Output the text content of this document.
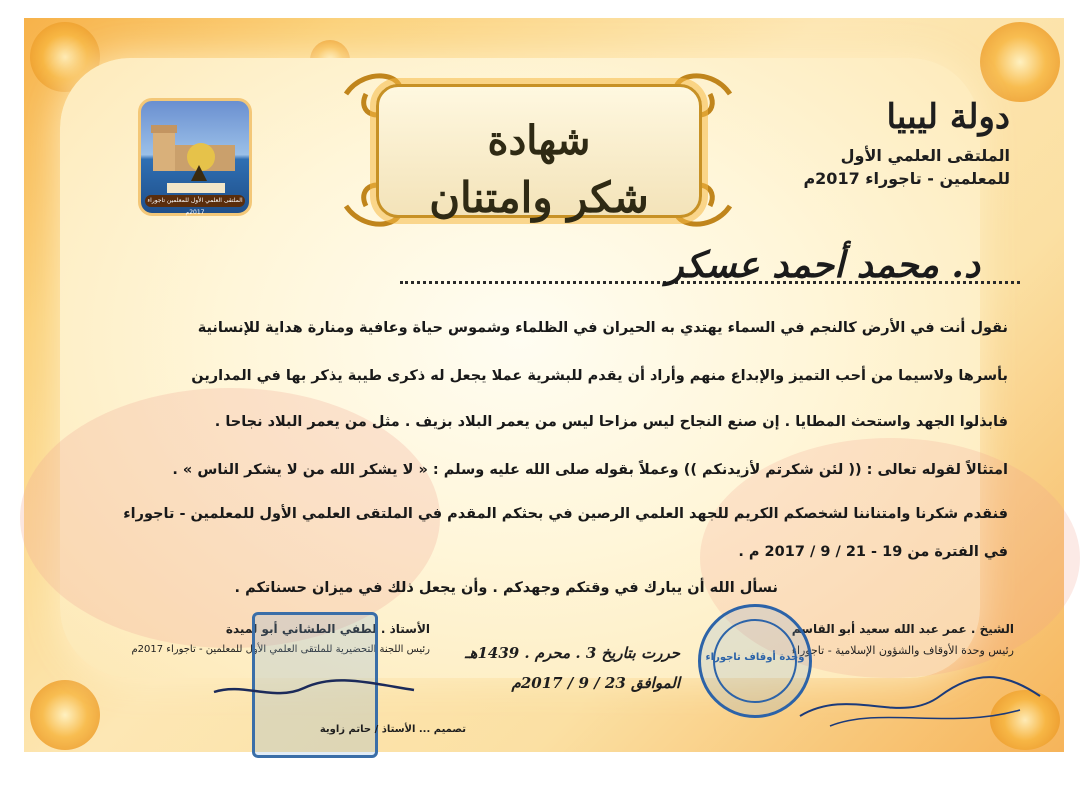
شهادة
شكر وامتنان
الملتقى العلمي الأول للمعلمين تاجوراء 2017م
دولة ليبيا
الملتقى العلمي الأول
للمعلمين - تاجوراء 2017م
د. محمد أحمد عسكر
نقول أنت في الأرض كالنجم في السماء يهتدي به الحيران في الظلماء وشموس حياة وعافية ومنارة هداية للإنسانية
بأسرها ولاسيما من أحب التميز والإبداع منهم وأراد أن يقدم للبشرية عملا يجعل له ذكرى طيبة يذكر بها في المدارين
فابذلوا الجهد واستحث المطايا . إن صنع النجاح ليس مزاحا ليس من يعمر البلاد بزيف . مثل من يعمر البلاد نجاحا .
امتثالاً لقوله تعالى : (( لئن شكرتم لأزيدنكم )) وعملاً بقوله صلى الله عليه وسلم : « لا يشكر الله من لا يشكر الناس » .
فنقدم شكرنا وامتناننا لشخصكم الكريم للجهد العلمي الرصين في بحثكم المقدم في الملتقى العلمي الأول للمعلمين - تاجوراء
في الفترة من 19 - 21 / 9 / 2017 م .
نسأل الله أن يبارك في وقتكم وجهدكم . وأن يجعل ذلك في ميزان حسناتكم .
الشيخ . عمر عبد الله سعيد أبو القاسم
رئيس وحدة الأوقاف والشؤون الإسلامية - تاجوراء
وحدة أوقاف تاجوراء
حررت بتاريخ 3 . محرم . 1439هـ
الموافق 23 / 9 / 2017م
الأستاذ . لطفي الطشاني أبو لميدة
رئيس اللجنة التحضيرية للملتقى العلمي الأول للمعلمين - تاجوراء 2017م
تصميم ... الأستاذ / حاتم زاوية
